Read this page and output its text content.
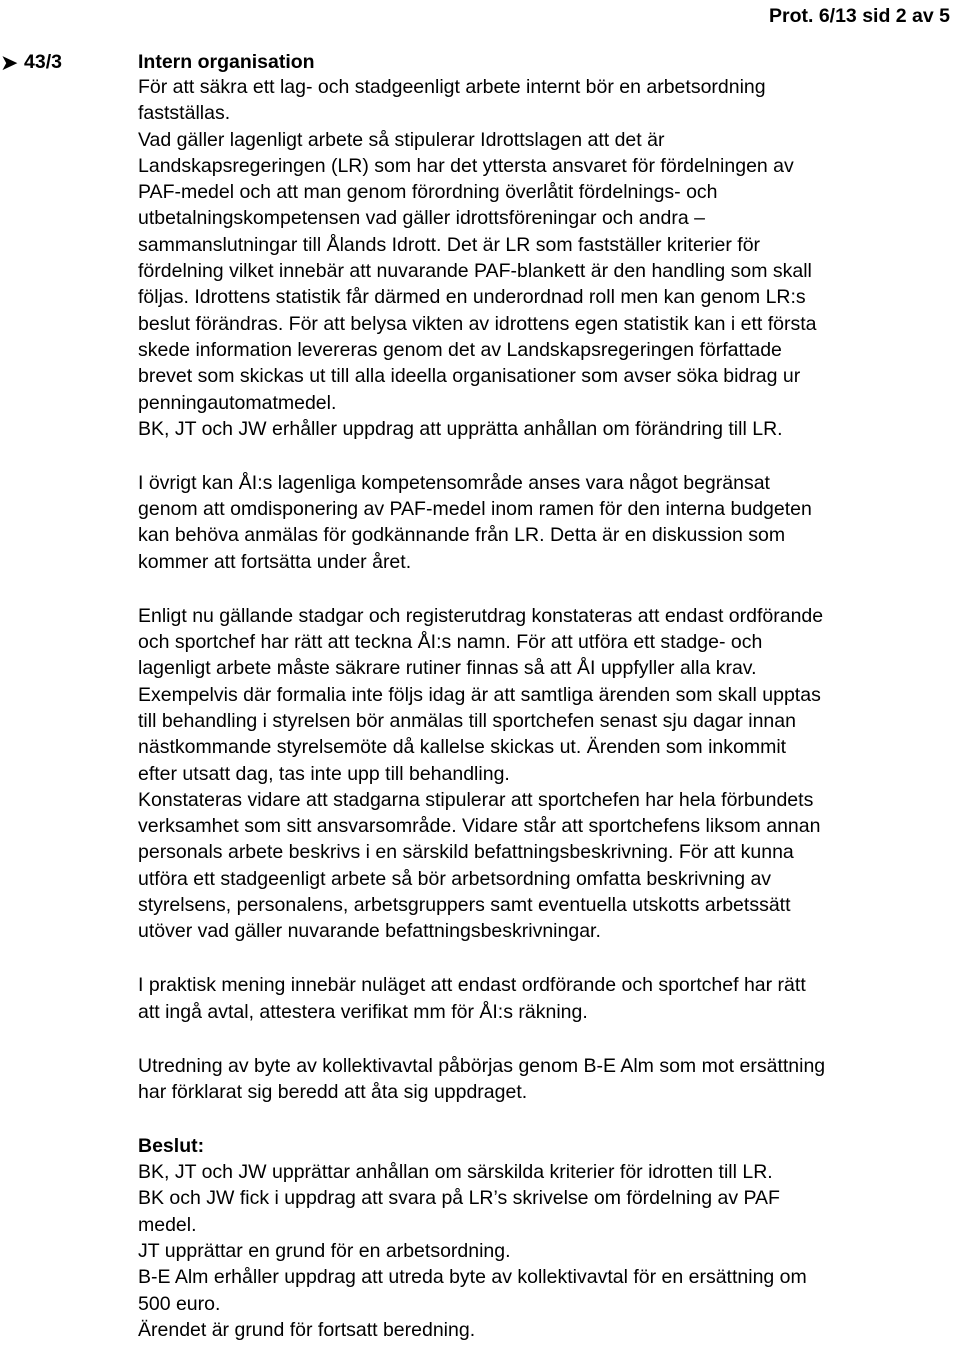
Prot. 6/13 sid 2 av 5
➤ 43/3	Intern organisation
För att säkra ett lag- och stadgeenligt arbete internt bör en arbetsordning
fastställas.
Vad gäller lagenligt arbete så stipulerar Idrottslagen att det är
Landskapsregeringen (LR) som har det yttersta ansvaret för fördelningen av
PAF-medel och att man genom förordning överlåtit fördelnings- och
utbetalningskompetensen vad gäller idrottsföreningar och andra –
sammanslutningar till Ålands Idrott. Det är LR som fastställer kriterier för
fördelning vilket innebär att nuvarande PAF-blankett är den handling som skall
följas. Idrottens statistik får därmed en underordnad roll men kan genom LR:s
beslut förändras. För att belysa vikten av idrottens egen statistik kan i ett första
skede information levereras genom det av Landskapsregeringen författade
brevet som skickas ut till alla ideella organisationer som avser söka bidrag ur
penningautomatmedel.
BK, JT och JW erhåller uppdrag att upprätta anhållan om förändring till LR.
I övrigt kan ÅI:s lagenliga kompetensområde anses vara något begränsat
genom att omdisponering av PAF-medel inom ramen för den interna budgeten
kan behöva anmälas för godkännande från LR. Detta är en diskussion som
kommer att fortsätta under året.
Enligt nu gällande stadgar och registerutdrag konstateras att endast ordförande
och sportchef har rätt att teckna ÅI:s namn. För att utföra ett stadge- och
lagenligt arbete måste säkrare rutiner finnas så att ÅI uppfyller alla krav.
Exempelvis där formalia inte följs idag är att samtliga ärenden som skall upptas
till behandling i styrelsen bör anmälas till sportchefen senast sju dagar innan
nästkommande styrelsemöte då kallelse skickas ut. Ärenden som inkommit
efter utsatt dag, tas inte upp till behandling.
Konstateras vidare att stadgarna stipulerar att sportchefen har hela förbundets
verksamhet som sitt ansvarsområde. Vidare står att sportchefens liksom annan
personals arbete beskrivs i en särskild befattningsbeskrivning. För att kunna
utföra ett stadgeenligt arbete så bör arbetsordning omfatta beskrivning av
styrelsens, personalens, arbetsgruppers samt eventuella utskotts arbetssätt
utöver vad gäller nuvarande befattningsbeskrivningar.
I praktisk mening innebär nuläget att endast ordförande och sportchef har rätt
att ingå avtal, attestera verifikat mm för ÅI:s räkning.
Utredning av byte av kollektivavtal påbörjas genom B-E Alm som mot ersättning
har förklarat sig beredd att åta sig uppdraget.
Beslut:
BK, JT och JW upprättar anhållan om särskilda kriterier för idrotten till LR.
BK och JW fick i uppdrag att svara på LR’s skrivelse om fördelning av PAF
medel.
JT upprättar en grund för en arbetsordning.
B-E Alm erhåller uppdrag att utreda byte av kollektivavtal för en ersättning om
500 euro.
Ärendet är grund för fortsatt beredning.
